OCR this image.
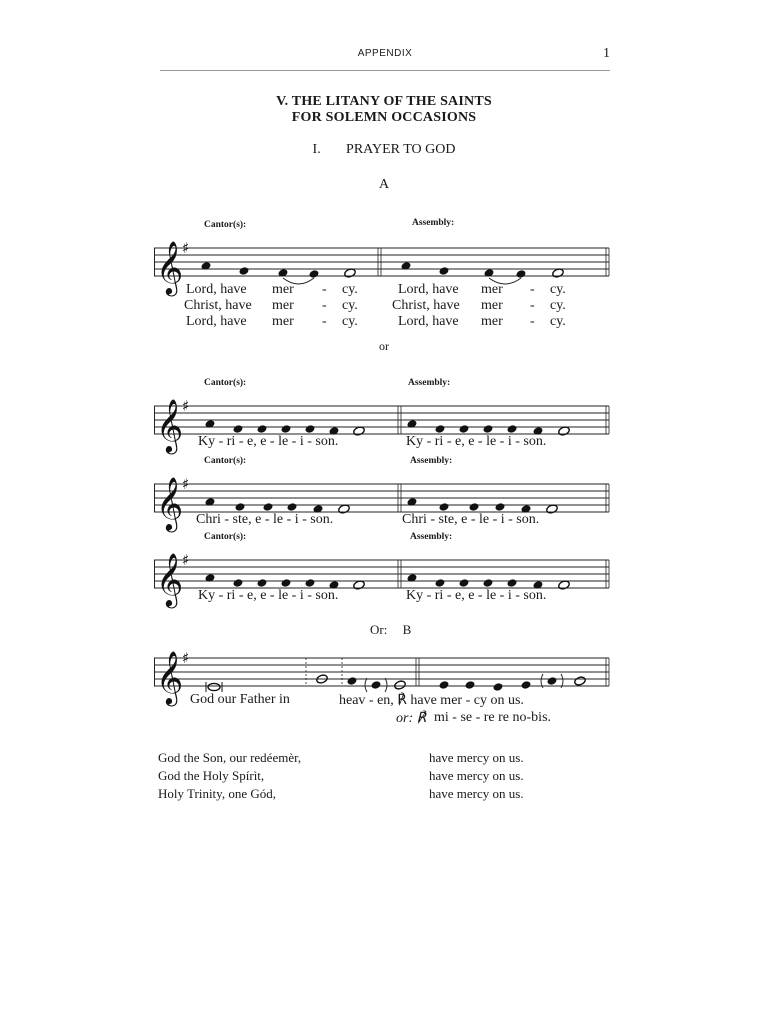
APPENDIX	1
V. THE LITANY OF THE SAINTS
FOR SOLEMN OCCASIONS
I. PRAYER TO GOD
A
Cantor(s):	Assembly:
𝄞
♯
Lord, have mer - cy.	Lord, have mer - cy.
Christ, have mer - cy. Christ, have mer - cy.
Lord, have mer - cy.	Lord, have mer - cy.
or
Cantor(s):	Assembly:
𝄞
♯
Ky - ri - e, e - le - i - son.	Ky - ri - e, e - le - i - son.
Cantor(s):	Assembly:
𝄞
♯
Chri - ste, e - le - i - son.	Chri - ste, e - le - i - son.
Cantor(s):	Assembly:
𝄞
♯
Ky - ri - e, e - le - i - son.	Ky - ri - e, e - le - i - son.
Or: B
𝄞
♯
God our Father in	heav - en, ℟ have mer - cy on us.
or: ℟ mi - se - re re no-bis.
God the Son, our redéemèr,	have mercy on us.
God the Holy Spírìt,	have mercy on us.
Holy Trinity, one Gód,	have mercy on us.
